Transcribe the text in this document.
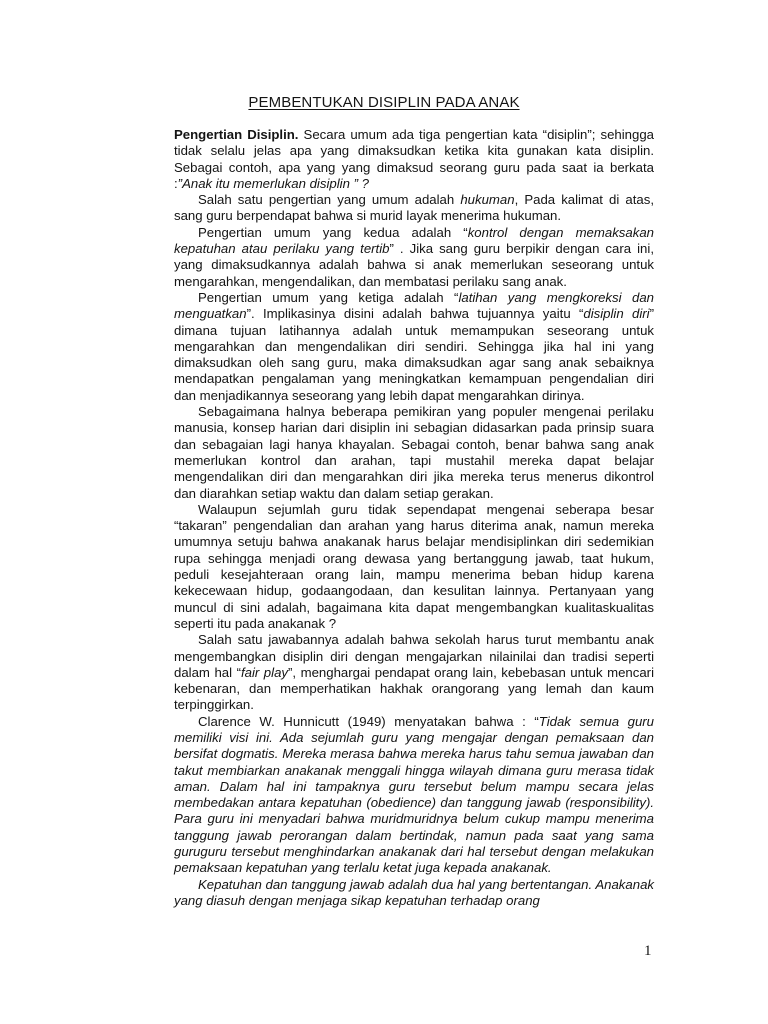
PEMBENTUKAN DISIPLIN PADA ANAK

Pengertian Disiplin. Secara umum ada tiga pengertian kata “disiplin”; sehingga tidak selalu jelas apa yang dimaksudkan ketika kita gunakan kata disiplin. Sebagai contoh, apa yang yang dimaksud seorang guru pada saat ia berkata :”Anak itu memerlukan disiplin ” ?

Salah satu pengertian yang umum adalah hukuman, Pada kalimat di atas, sang guru berpendapat bahwa si murid layak menerima hukuman.

Pengertian umum yang kedua adalah “kontrol dengan memaksakan kepatuhan atau perilaku yang tertib” . Jika sang guru berpikir dengan cara ini, yang dimaksudkannya adalah bahwa si anak memerlukan seseorang untuk mengarahkan, mengendalikan, dan membatasi perilaku sang anak.

Pengertian umum yang ketiga adalah “latihan yang mengkoreksi dan menguatkan”. Implikasinya disini adalah bahwa tujuannya yaitu “disiplin diri” dimana tujuan latihannya adalah untuk memampukan seseorang untuk mengarahkan dan mengendalikan diri sendiri. Sehingga jika hal ini yang dimaksudkan oleh sang guru, maka dimaksudkan agar sang anak sebaiknya mendapatkan pengalaman yang meningkatkan kemampuan pengendalian diri dan menjadikannya seseorang yang lebih dapat mengarahkan dirinya.

Sebagaimana halnya beberapa pemikiran yang populer mengenai perilaku manusia, konsep harian dari disiplin ini sebagian didasarkan pada prinsip suara dan sebagaian lagi hanya khayalan. Sebagai contoh, benar bahwa sang anak memerlukan kontrol dan arahan, tapi mustahil mereka dapat belajar mengendalikan diri dan mengarahkan diri jika mereka terus menerus dikontrol dan diarahkan setiap waktu dan dalam setiap gerakan.

Walaupun sejumlah guru tidak sependapat mengenai seberapa besar “takaran” pengendalian dan arahan yang harus diterima anak, namun mereka umumnya setuju bahwa anakanak harus belajar mendisiplinkan diri sedemikian rupa sehingga menjadi orang dewasa yang bertanggung jawab, taat hukum, peduli kesejahteraan orang lain, mampu menerima beban hidup karena kekecewaan hidup, godaangodaan, dan kesulitan lainnya. Pertanyaan yang muncul di sini adalah, bagaimana kita dapat mengembangkan kualitaskualitas seperti itu pada anakanak ?

Salah satu jawabannya adalah bahwa sekolah harus turut membantu anak mengembangkan disiplin diri dengan mengajarkan nilainilai dan tradisi seperti dalam hal “fair play”, menghargai pendapat orang lain, kebebasan untuk mencari kebenaran, dan memperhatikan hakhak orangorang yang lemah dan kaum terpinggirkan.

Clarence W. Hunnicutt (1949) menyatakan bahwa : “Tidak semua guru memiliki visi ini. Ada sejumlah guru yang mengajar dengan pemaksaan dan bersifat dogmatis. Mereka merasa bahwa mereka harus tahu semua jawaban dan takut membiarkan anakanak menggali hingga wilayah dimana guru merasa tidak aman. Dalam hal ini tampaknya guru tersebut belum mampu secara jelas membedakan antara kepatuhan (obedience) dan tanggung jawab (responsibility). Para guru ini menyadari bahwa muridmuridnya belum cukup mampu menerima tanggung jawab perorangan dalam bertindak, namun pada saat yang sama guruguru tersebut menghindarkan anakanak dari hal tersebut dengan melakukan pemaksaan kepatuhan yang terlalu ketat juga kepada anakanak.

Kepatuhan dan tanggung jawab adalah dua hal yang bertentangan. Anakanak yang diasuh dengan menjaga sikap kepatuhan terhadap orang

1
